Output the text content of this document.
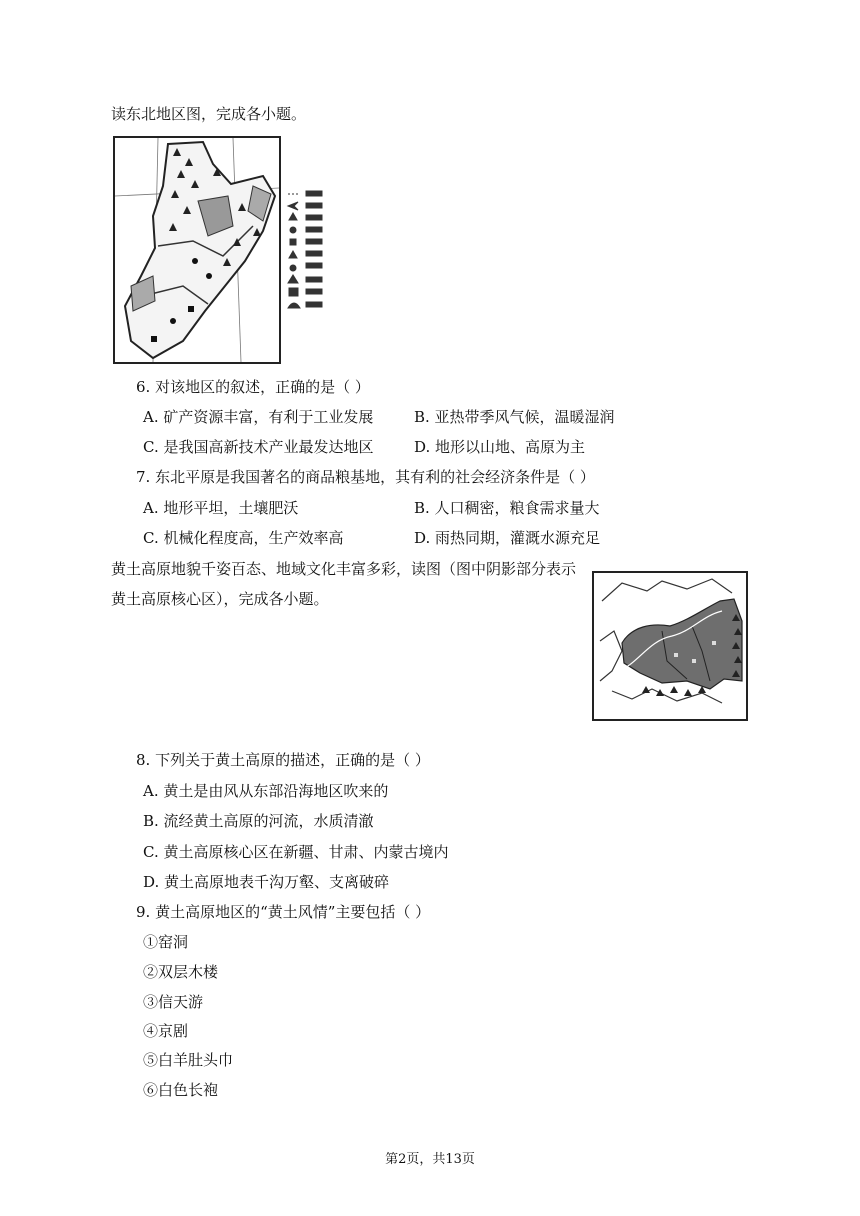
读东北地区图，完成各小题。
6. 对该地区的叙述，正确的是（ ）
A. 矿产资源丰富，有利于工业发展	B. 亚热带季风气候，温暖湿润
C. 是我国高新技术产业最发达地区	D. 地形以山地、高原为主
7. 东北平原是我国著名的商品粮基地，其有利的社会经济条件是（ ）
A. 地形平坦，土壤肥沃	B. 人口稠密，粮食需求量大
C. 机械化程度高，生产效率高	D. 雨热同期，灌溉水源充足
黄土高原地貌千姿百态、地域文化丰富多彩，读图（图中阴影部分表示
黄土高原核心区），完成各小题。
8. 下列关于黄土高原的描述，正确的是（ ）
A. 黄土是由风从东部沿海地区吹来的
B. 流经黄土高原的河流，水质清澈
C. 黄土高原核心区在新疆、甘肃、内蒙古境内
D. 黄土高原地表千沟万壑、支离破碎
9. 黄土高原地区的“黄土风情”主要包括（ ）
①窑洞
②双层木楼
③信天游
④京剧
⑤白羊肚头巾
⑥白色长袍
第2页，共13页
